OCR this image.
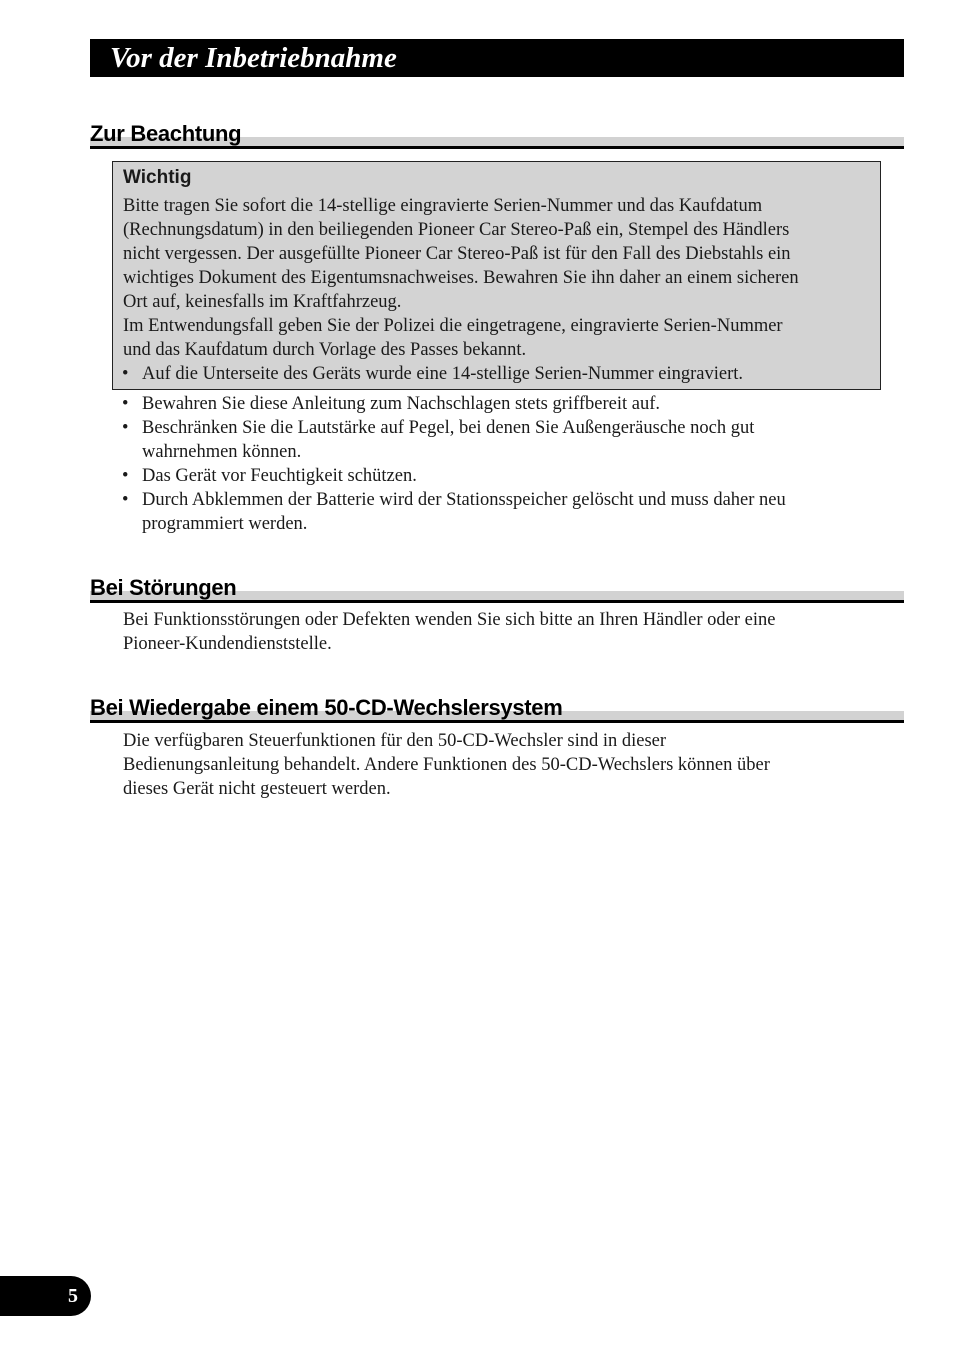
Vor der Inbetriebnahme
Zur Beachtung
Wichtig
Bitte tragen Sie sofort die 14-stellige eingravierte Serien-Nummer und das Kaufdatum
(Rechnungsdatum) in den beiliegenden Pioneer Car Stereo-Paß ein, Stempel des Händlers
nicht vergessen. Der ausgefüllte Pioneer Car Stereo-Paß ist für den Fall des Diebstahls ein
wichtiges Dokument des Eigentumsnachweises. Bewahren Sie ihn daher an einem sicheren
Ort auf, keinesfalls im Kraftfahrzeug.
Im Entwendungsfall geben Sie der Polizei die eingetragene, eingravierte Serien-Nummer
und das Kaufdatum durch Vorlage des Passes bekannt.
• Auf die Unterseite des Geräts wurde eine 14-stellige Serien-Nummer eingraviert.
• Bewahren Sie diese Anleitung zum Nachschlagen stets griffbereit auf.
• Beschränken Sie die Lautstärke auf Pegel, bei denen Sie Außengeräusche noch gut
wahrnehmen können.
• Das Gerät vor Feuchtigkeit schützen.
• Durch Abklemmen der Batterie wird der Stationsspeicher gelöscht und muss daher neu
programmiert werden.
Bei Störungen
Bei Funktionsstörungen oder Defekten wenden Sie sich bitte an Ihren Händler oder eine
Pioneer-Kundendienststelle.
Bei Wiedergabe einem 50-CD-Wechslersystem
Die verfügbaren Steuerfunktionen für den 50-CD-Wechsler sind in dieser
Bedienungsanleitung behandelt. Andere Funktionen des 50-CD-Wechslers können über
dieses Gerät nicht gesteuert werden.
5
